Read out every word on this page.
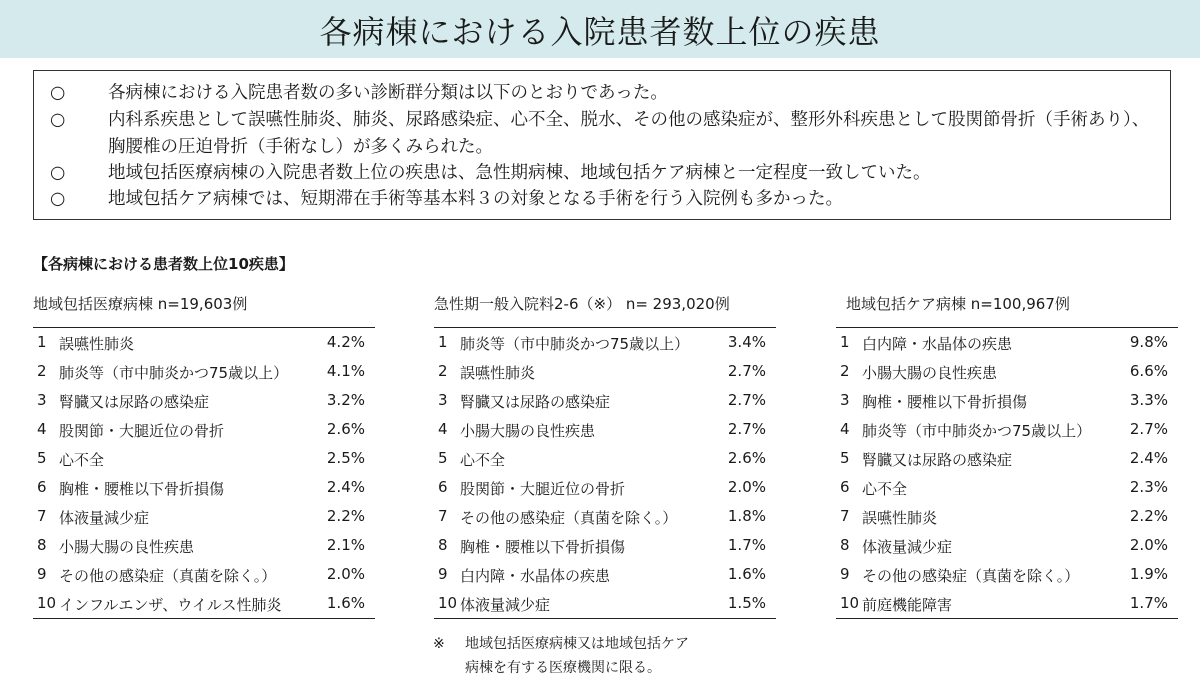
各病棟における入院患者数上位の疾患
○ 各病棟における入院患者数の多い診断群分類は以下のとおりであった。
○ 内科系疾患として誤嚥性肺炎、肺炎、尿路感染症、心不全、脱水、その他の感染症が、整形外科疾患として股関節骨折（手術あり）、胸腰椎の圧迫骨折（手術なし）が多くみられた。
○ 地域包括医療病棟の入院患者数上位の疾患は、急性期病棟、地域包括ケア病棟と一定程度一致していた。
○ 地域包括ケア病棟では、短期滞在手術等基本料３の対象となる手術を行う入院例も多かった。
【各病棟における患者数上位10疾患】
地域包括医療病棟 n=19,603例	急性期一般入院料2-6（※） n= 293,020例	地域包括ケア病棟 n=100,967例
1 誤嚥性肺炎	4.2%
2 肺炎等（市中肺炎かつ75歳以上）	4.1%
3 腎臓又は尿路の感染症	3.2%
4 股関節・大腿近位の骨折	2.6%
5 心不全	2.5%
6 胸椎・腰椎以下骨折損傷	2.4%
7 体液量減少症	2.2%
8 小腸大腸の良性疾患	2.1%
9 その他の感染症（真菌を除く。）	2.0%
10 インフルエンザ、ウイルス性肺炎	1.6%
1 肺炎等（市中肺炎かつ75歳以上）	3.4%
2 誤嚥性肺炎	2.7%
3 腎臓又は尿路の感染症	2.7%
4 小腸大腸の良性疾患	2.7%
5 心不全	2.6%
6 股関節・大腿近位の骨折	2.0%
7 その他の感染症（真菌を除く。）	1.8%
8 胸椎・腰椎以下骨折損傷	1.7%
9 白内障・水晶体の疾患	1.6%
10 体液量減少症	1.5%
1 白内障・水晶体の疾患	9.8%
2 小腸大腸の良性疾患	6.6%
3 胸椎・腰椎以下骨折損傷	3.3%
4 肺炎等（市中肺炎かつ75歳以上）	2.7%
5 腎臓又は尿路の感染症	2.4%
6 心不全	2.3%
7 誤嚥性肺炎	2.2%
8 体液量減少症	2.0%
9 その他の感染症（真菌を除く。）	1.9%
10 前庭機能障害	1.7%
※ 地域包括医療病棟又は地域包括ケア
病棟を有する医療機関に限る。
